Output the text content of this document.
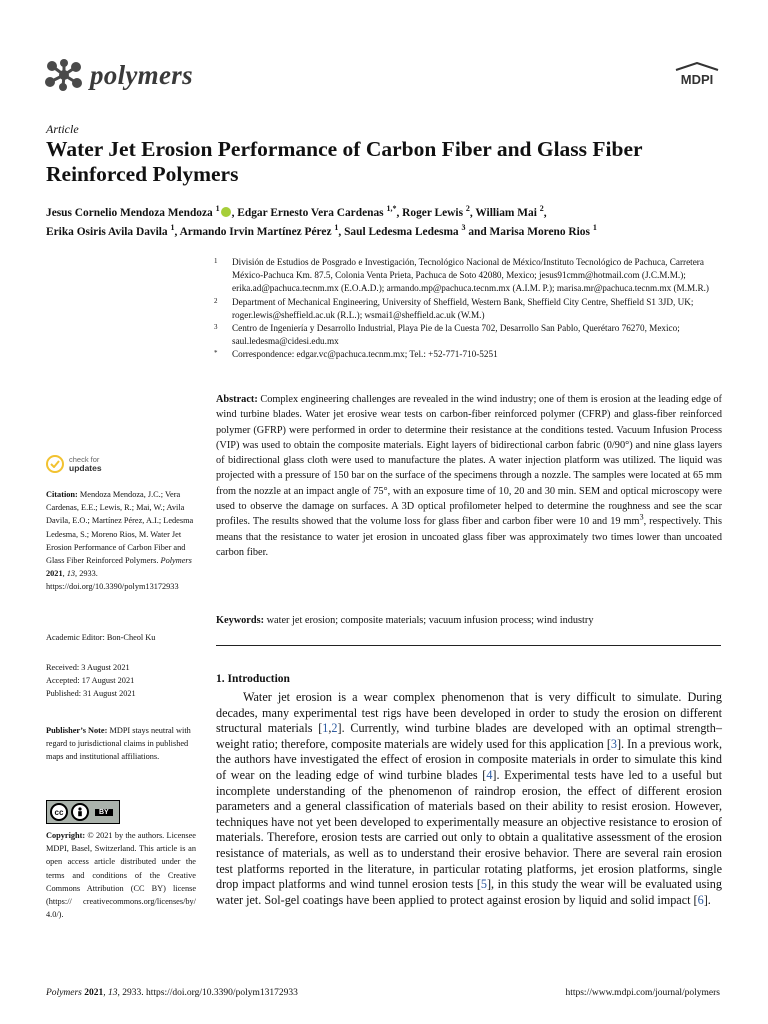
polymers	MDPI
Article
Water Jet Erosion Performance of Carbon Fiber and Glass Fiber Reinforced Polymers
Jesus Cornelio Mendoza Mendoza $^1$ , Edgar Ernesto Vera Cardenas $^{1,*}$, Roger Lewis $^2$, William Mai $^2$,
Erika Osiris Avila Davila $^1$, Armando Irvin Martínez Pérez $^1$, Saul Ledesma Ledesma $^3$ and Marisa Moreno Rios $^1$
1	División de Estudios de Posgrado e Investigación, Tecnológico Nacional de México/Instituto Tecnológico de Pachuca, Carretera México-Pachuca Km. 87.5, Colonia Venta Prieta, Pachuca de Soto 42080, Mexico; jesus91cmm@hotmail.com (J.C.M.M.); erika.ad@pachuca.tecnm.mx (E.O.A.D.); armando.mp@pachuca.tecnm.mx (A.I.M. P.); marisa.mr@pachuca.tecnm.mx (M.M.R.)
2	Department of Mechanical Engineering, University of Sheffield, Western Bank, Sheffield City Centre, Sheffield S1 3JD, UK; roger.lewis@sheffield.ac.uk (R.L.); wsmai1@sheffield.ac.uk (W.M.)
3	Centro de Ingeniería y Desarrollo Industrial, Playa Pie de la Cuesta 702, Desarrollo San Pablo, Querétaro 76270, Mexico; saul.ledesma@cidesi.edu.mx
*	Correspondence: edgar.vc@pachuca.tecnm.mx; Tel.: +52-771-710-5251
Abstract: Complex engineering challenges are revealed in the wind industry; one of them is erosion at the leading edge of wind turbine blades. Water jet erosive wear tests on carbon-fiber reinforced polymer (CFRP) and glass-fiber reinforced polymer (GFRP) were performed in order to determine their resistance at the conditions tested. Vacuum Infusion Process (VIP) was used to obtain the composite materials. Eight layers of bidirectional carbon fabric (0/90°) and nine glass layers of bidirectional glass cloth were used to manufacture the plates. A water injection platform was utilized. The liquid was projected with a pressure of 150 bar on the surface of the specimens through a nozzle. The samples were located at 65 mm from the nozzle at an impact angle of 75°, with an exposure time of 10, 20 and 30 min. SEM and optical microscopy were used to observe the damage on surfaces. A 3D optical profilometer helped to determine the roughness and see the scar profiles. The results showed that the volume loss for glass fiber and carbon fiber were 10 and 19 $mm^3$, respectively. This means that the resistance to water jet erosion in uncoated glass fiber was approximately two times lower than uncoated carbon fiber.
Keywords: water jet erosion; composite materials; vacuum infusion process; wind industry
check for
updates
Citation: Mendoza Mendoza, J.C.; Vera Cardenas, E.E.; Lewis, R.; Mai, W.; Avila Davila, E.O.; Martínez Pérez, A.I.; Ledesma Ledesma, S.; Moreno Rios, M. Water Jet Erosion Performance of Carbon Fiber and Glass Fiber Reinforced Polymers. Polymers 2021, 13, 2933. https://doi.org/10.3390/polym13172933
Academic Editor: Bon-Cheol Ku
Received: 3 August 2021
Accepted: 17 August 2021
Published: 31 August 2021
Publisher’s Note: MDPI stays neutral with regard to jurisdictional claims in published maps and institutional affiliations.
cc	BY
Copyright: © 2021 by the authors. Licensee MDPI, Basel, Switzerland. This article is an open access article distributed under the terms and conditions of the Creative Commons Attribution (CC BY) license (https:// creativecommons.org/licenses/by/ 4.0/).
1. Introduction
Water jet erosion is a wear complex phenomenon that is very difficult to simulate. During decades, many experimental test rigs have been developed in order to study the erosion on different structural materials [1,2]. Currently, wind turbine blades are developed with an optimal strength–weight ratio; therefore, composite materials are widely used for this application [3]. In a previous work, the authors have investigated the effect of erosion in composite materials in order to simulate this kind of wear on the leading edge of wind turbine blades [4]. Experimental tests have led to a useful but incomplete understanding of the phenomenon of raindrop erosion, the effect of different erosion parameters and a general classification of materials based on their ability to resist erosion. However, techniques have not yet been developed to experimentally measure an objective resistance to erosion of materials. Therefore, erosion tests are carried out only to obtain a qualitative assessment of the erosion resistance of materials, as well as to understand their erosive behavior. There are several rain erosion test platforms reported in the literature, in particular rotating platforms, jet erosion platforms, single drop impact platforms and wind tunnel erosion tests [5], in this study the wear will be evaluated using water jet. Sol-gel coatings have been applied to protect against erosion by liquid and solid impact [6].
Polymers 2021, 13, 2933. https://doi.org/10.3390/polym13172933	https://www.mdpi.com/journal/polymers
